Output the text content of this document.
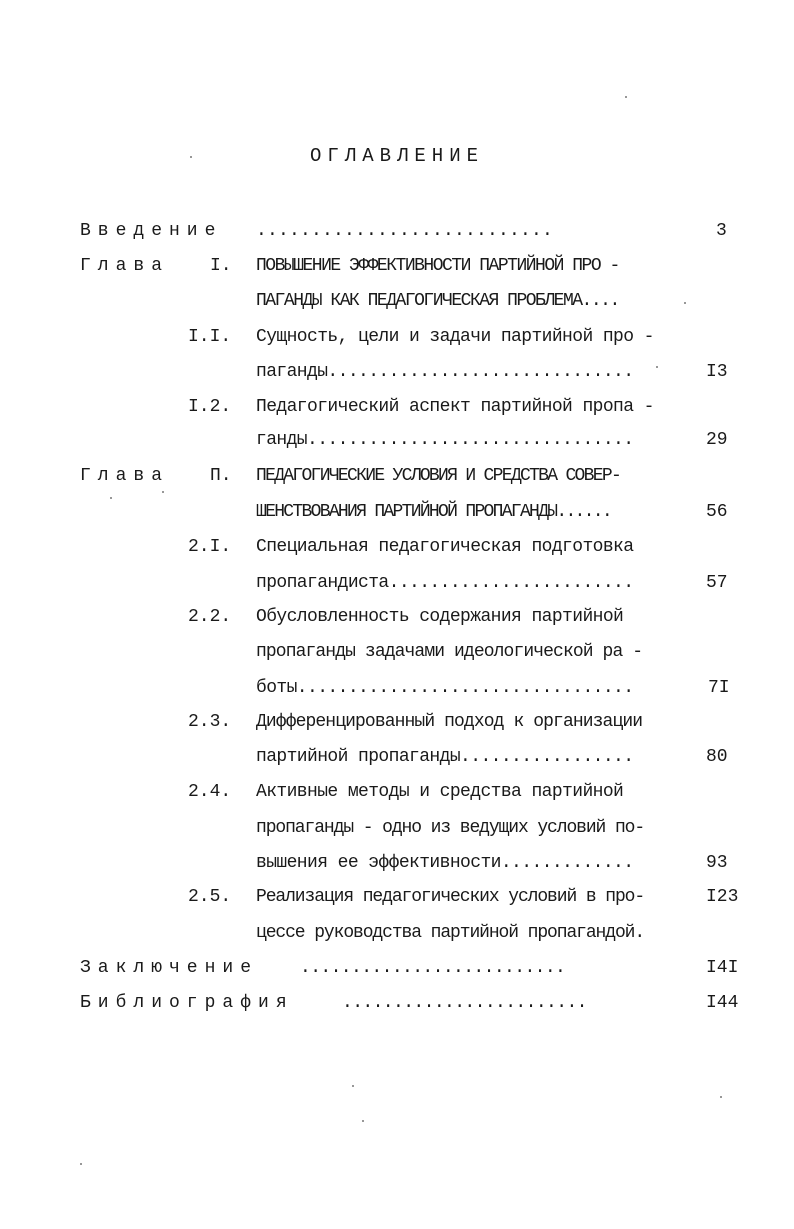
ОГЛАВЛЕНИЕ
Введение ...........................	3
Глава I. ПОВЫШЕНИЕ ЭФФЕКТИВНОСТИ ПАРТИЙНОЙ ПРО -
ПАГАНДЫ КАК ПЕДАГОГИЧЕСКАЯ ПРОБЛЕМА....
I.I. Сущность, цели и задачи партийной про -
паганды..............................	I3
I.2. Педагогический аспект партийной пропа -
ганды................................	29
Глава П. ПЕДАГОГИЧЕСКИЕ УСЛОВИЯ И СРЕДСТВА СОВЕР-
ШЕНСТВОВАНИЯ ПАРТИЙНОЙ ПРОПАГАНДЫ......	56
2.I. Специальная педагогическая подготовка
пропагандиста........................	57
2.2. Обусловленность содержания партийной
пропаганды задачами идеологической ра -
боты.................................	7I
2.3. Дифференцированный подход к организации
партийной пропаганды.................	80
2.4. Активные методы и средства партийной
пропаганды - одно из ведущих условий по-
вышения ее эффективности.............	93
2.5. Реализация педагогических условий в про-	I23
цессе руководства партийной пропагандой.
Заключение ..........................	I4I
Библиография	........................	I44
